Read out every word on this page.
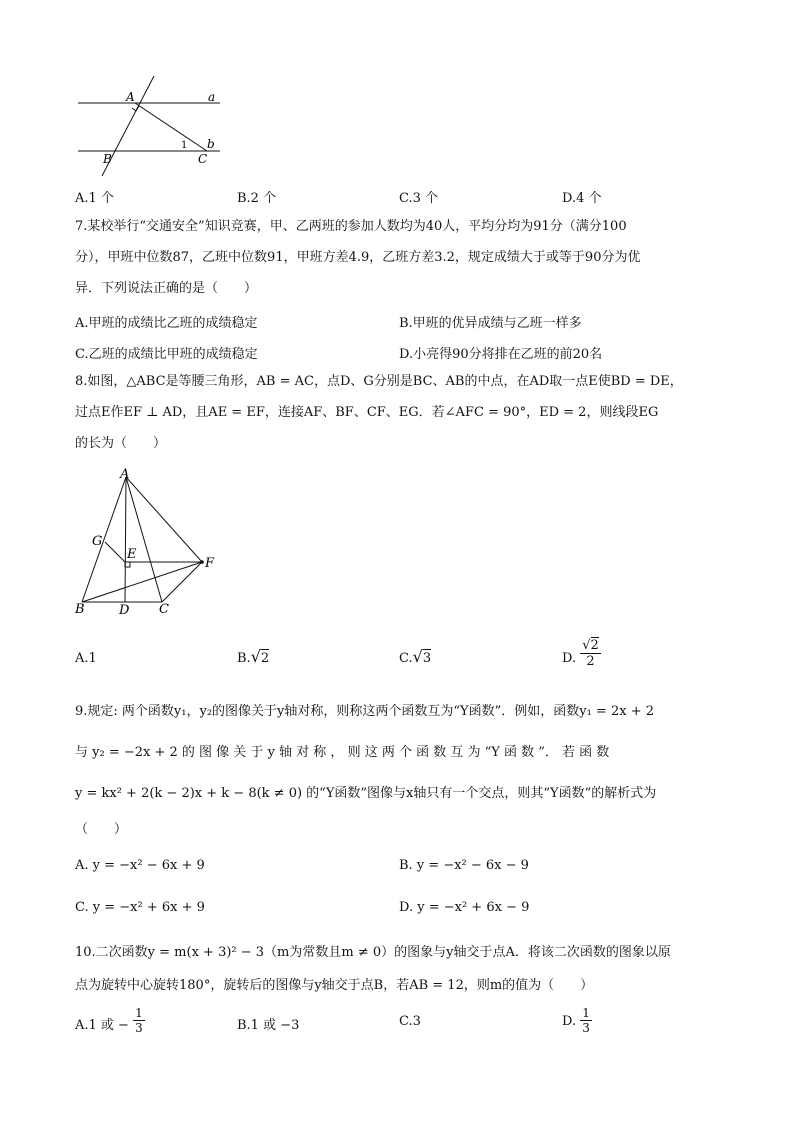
A	a
B	C
b
1
A.1 个	B.2 个	C.3 个	D.4 个
7.某校举行“交通安全”知识竞赛，甲、乙两班的参加人数均为40人，平均分均为91分（满分100
分），甲班中位数87，乙班中位数91，甲班方差4.9，乙班方差3.2，规定成绩大于或等于90分为优
异．下列说法正确的是（　　）
A.甲班的成绩比乙班的成绩稳定	B.甲班的优异成绩与乙班一样多
C.乙班的成绩比甲班的成绩稳定	D.小亮得90分将排在乙班的前20名
8.如图，△ABC是等腰三角形，AB = AC，点D、G分别是BC、AB的中点，在AD取一点E使BD = DE，
过点E作EF ⊥ AD，且AE = EF，连接AF、BF、CF、EG．若∠AFC = 90°，ED = 2，则线段EG
的长为（　　）
A
G
E
F
B	D C
A.1	B.√2	C.√3	D. $\frac{√2}{2}$
9.规定: 两个函数y₁，y₂的图像关于y轴对称，则称这两个函数互为“Y函数”．例如，函数y₁ = 2x + 2
与 y₂ = −2x + 2 的 图 像 关 于 y 轴 对 称 ， 则 这 两 个 函 数 互 为 “Y 函 数 ”． 若 函 数
y = kx² + 2(k − 2)x + k − 8(k ≠ 0) 的“Y函数”图像与x轴只有一个交点，则其“Y函数”的解析式为
（　　）
A. y = −x² − 6x + 9	B. y = −x² − 6x − 9
C. y = −x² + 6x + 9	D. y = −x² + 6x − 9
10.二次函数y = m(x + 3)² − 3（m为常数且m ≠ 0）的图象与y轴交于点A．将该二次函数的图象以原
点为旋转中心旋转180°，旋转后的图像与y轴交于点B，若AB = 12，则m的值为（　　）
A.1 或 − $\frac{1}{3}$	B.1 或 −3	C.3	D. $\frac{1}{3}$
